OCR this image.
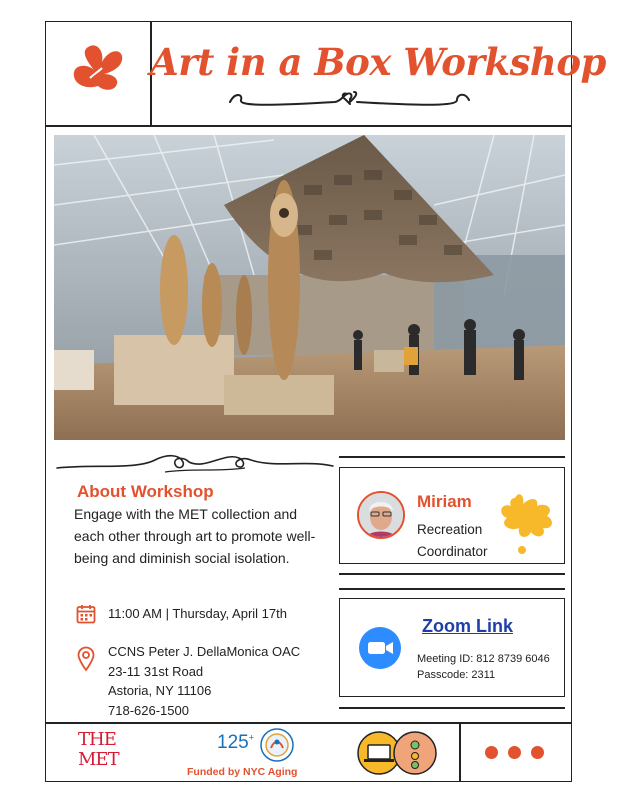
Art in a Box Workshop
About Workshop
Engage with the MET collection and each other through art to promote well-being and diminish social isolation.
11:00 AM | Thursday, April 17th
CCNS Peter J. DellaMonica OAC
23-11 31st Road
Astoria, NY 11106
718-626-1500
Miriam
Recreation
Coordinator
Zoom Link
Meeting ID: 812 8739 6046
Passcode: 2311
THE
MET
125+
Funded by NYC Aging
